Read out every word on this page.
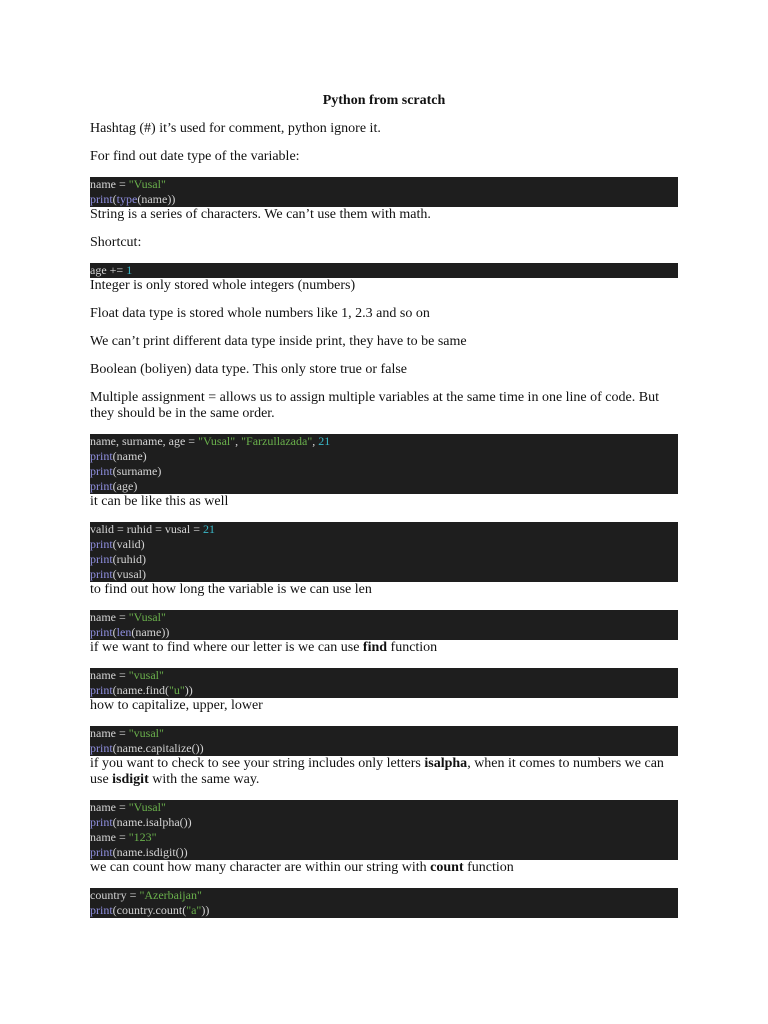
Python from scratch
Hashtag (#) it’s used for comment, python ignore it.
For find out date type of the variable:
name = "Vusal"
print(type(name))
String is a series of characters. We can’t use them with math.
Shortcut:
age += 1
Integer is only stored whole integers (numbers)
Float data type is stored whole numbers like 1, 2.3 and so on
We can’t print different data type inside print, they have to be same
Boolean (boliyen) data type. This only store true or false
Multiple assignment = allows us to assign multiple variables at the same time in one line of code. But they should be in the same order.
name, surname, age = "Vusal", "Farzullazada", 21
print(name)
print(surname)
print(age)
it can be like this as well
valid = ruhid = vusal = 21
print(valid)
print(ruhid)
print(vusal)
to find out how long the variable is we can use len
name = "Vusal"
print(len(name))
if we want to find where our letter is we can use find function
name = "vusal"
print(name.find("u"))
how to capitalize, upper, lower
name = "vusal"
print(name.capitalize())
if you want to check to see your string includes only letters isalpha, when it comes to numbers we can use isdigit with the same way.
name = "Vusal"
print(name.isalpha())
name = "123"
print(name.isdigit())
we can count how many character are within our string with count function
country = "Azerbaijan"
print(country.count("a"))
